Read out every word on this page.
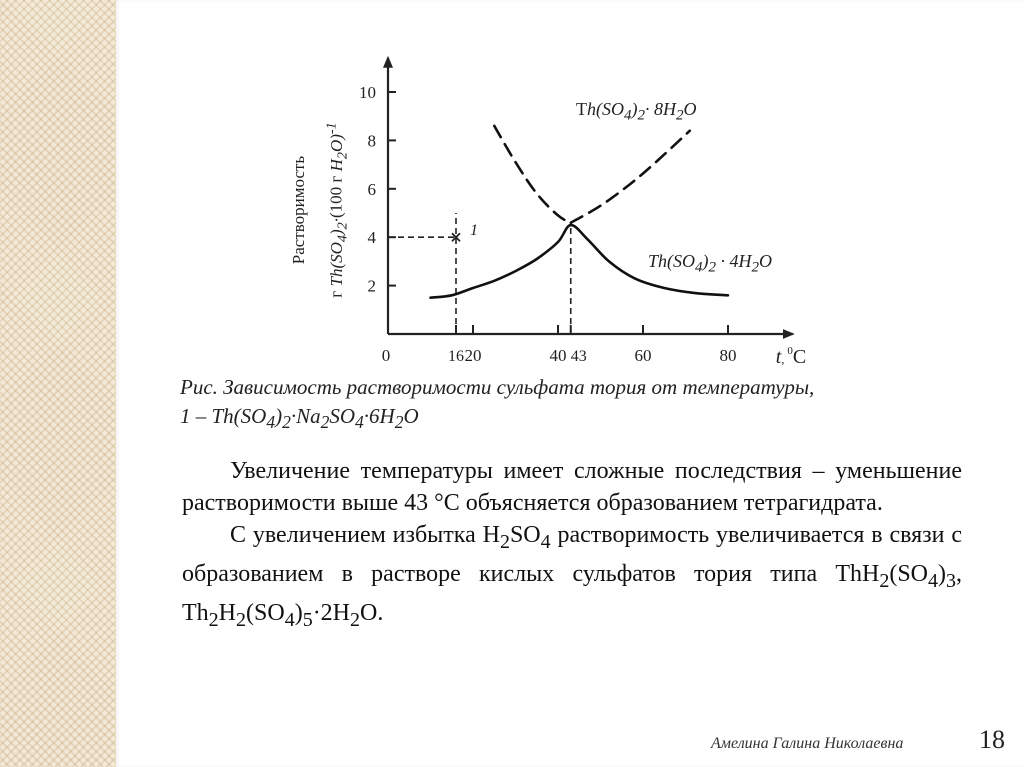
2
4
6
8
10
0	16 20	40 43	60	80 t, $^0$C
Растворимость
г $Th(SO_4)_2\cdot(100$ г $H_2O)^{-1}$
1
$Th(SO_4)_2\cdot 8H_2O$
$Th(SO_4)_2 \cdot 4H_2O$
Рис. Зависимость растворимости сульфата тория от температуры,
$1 - Th(SO_4)_2\cdot Na_2SO_4\cdot 6H_2O$

Увеличение температуры имеет сложные последствия – уменьшение растворимости выше 43 °C объясняется образованием тетрагидрата.

С увеличением избытка $H_2SO_4$ растворимость увеличивается в связи с образованием в растворе кислых сульфатов тория типа $ThH_2(SO_4)_3$, $Th_2H_2(SO_4)_5\cdot 2H_2O$.

Амелина Галина Николаевна	18
